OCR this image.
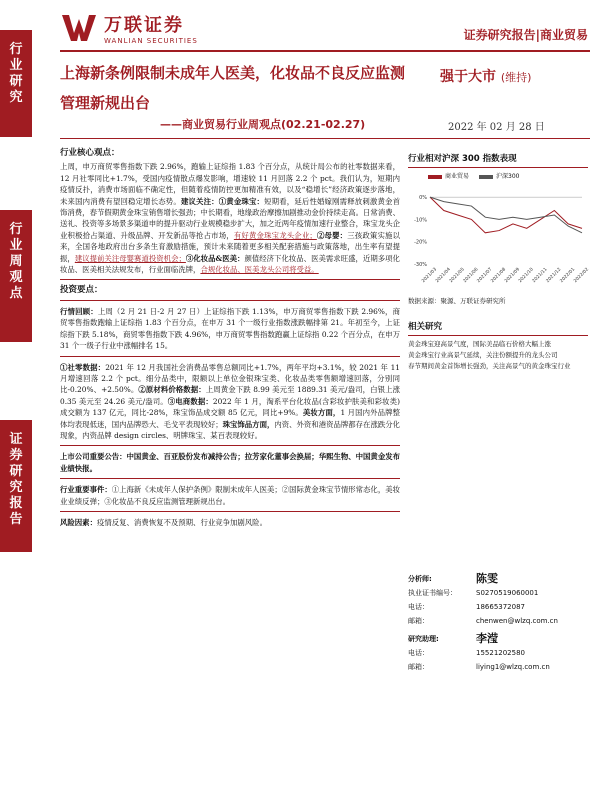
行业研究
行业周观点
证券研究报告
万联证券
WANLIAN SECURITIES	证券研究报告|商业贸易
上海新条例限制未成年人医美，化妆品不良反应监测管理新规出台
——商业贸易行业周观点(02.21-02.27)
强于大市 (维持)
2022 年 02 月 28 日
行业核心观点：

上周，申万商贸零售指数下跌 2.96%，跑输上证综指 1.83 个百分点，从统计局公布的社零数据来看，12 月社零同比+1.7%，受国内疫情散点爆发影响，增速较 11 月回落 2.2 个 pct。我们认为，短期内疫情反扑，消费市场面临不确定性，但随着疫情防控更加精准有效，以及“稳增长”经济政策逐步落地，未来国内消费有望回稳定增长态势。建议关注：①黄金珠宝：短期看，延后性婚嫁刚需释放刺激黄金首饰消费，春节假期黄金珠宝销售增长强劲；中长期看，地缘政治摩擦加剧推动金价持续走高。日常消费、送礼、投资等多场景多渠道申的提升驱动行业规模稳步扩大，加之近两年疫情加速行业整合，珠宝龙头企业积极拾占渠道、升级品牌、开发新品等抢占市场，有好黄金珠宝龙头企业；②母婴：三孩政策实施以来，全国各地政府出台多条生育激励措施，预计未来随着更多相关配套措施与政策落地，出生率有望提振，建议提前关注母婴赛道投资机会；③化妆品&医美：颜值经济下化妆品、医美需求旺盛，近期多项化妆品、医美相关法规发布，行业面临洗牌，合规化妆品、医美龙头公司将受益。

投资要点：

行情回顾：上周（2 月 21 日-2 月 27 日）上证综指下跌 1.13%，申万商贸零售指数下跌 2.96%，商贸零售指数跑输上证综指 1.83 个百分点，在申万 31 个一级行业指数涨跌幅排第 21。年初至今，上证综指下跌 5.18%，商贸零售指数下跌 4.96%，申万商贸零售指数跑赢上证综指 0.22 个百分点，在申万 31 个一级子行业中涨幅排名 15。

①社零数据：2021 年 12 月我国社会消费品零售总额同比+1.7%，两年平均+3.1%，较 2021 年 11 月增速回落 2.2 个 pct。细分品类中，限额以上单位金银珠宝类、化妆品类零售额增速回落，分别同比-0.20%、+2.50%。②原材料价格数据：上周黄金下跌 8.99 美元至 1889.31 美元/盎司，白银上涨 0.35 美元至 24.26 美元/盎司。③电商数据：2022 年 1 月，淘系平台化妆品(含彩妆护肤美和彩妆类)成交额为 137 亿元，同比-28%，珠宝饰品成交额 85 亿元，同比+9%。美妆方面，1 月国内外品牌整体均表现低迷，国内品牌恐大、毛戈平表现较好；珠宝饰品方面，内资、外资和港资品牌都存在涨跌分化现象，内资品牌 design circles、明牌珠宝、某百表现较好。

上市公司重要公告：中国黄金、百亚股份发布减持公告；拉芳家化董事会换届；华熙生物、中国黄金发布业绩快报。

行业重要事件：①上海新《未成年人保护条例》限制未成年人医美；②国际黄金珠宝节情形常态化，美妆业业绩反弹；③化妆品不良反应监测管理新规出台。

风险因素：疫情反复、消费恢复不及预期、行业竞争加剧风险。

行业相对沪深 300 指数表现
商业贸易	沪深300
-30%
-20%
-10%
0%
2021/03
2021/04
2021/05
2021/06
2021/07
2021/08
2021/09
2021/10
2021/11
2021/12
2022/01
2022/02
数据来源：聚源、万联证券研究所
相关研究
黄金珠宝迎高景气度，国际美品临石价格大幅上涨
黄金珠宝行业高景气延续，关注份额提升的龙头公司
春节期间黄金首饰增长强劲，关注高景气的黄金珠宝行业
分析师:	陈雯
执业证书编号：	S0270519060001
电话：	18665372087
邮箱：	chenwen@wlzq.com.cn
研究助理:	李滢
电话：	15521202580
邮箱：	liying1@wlzq.com.cn
